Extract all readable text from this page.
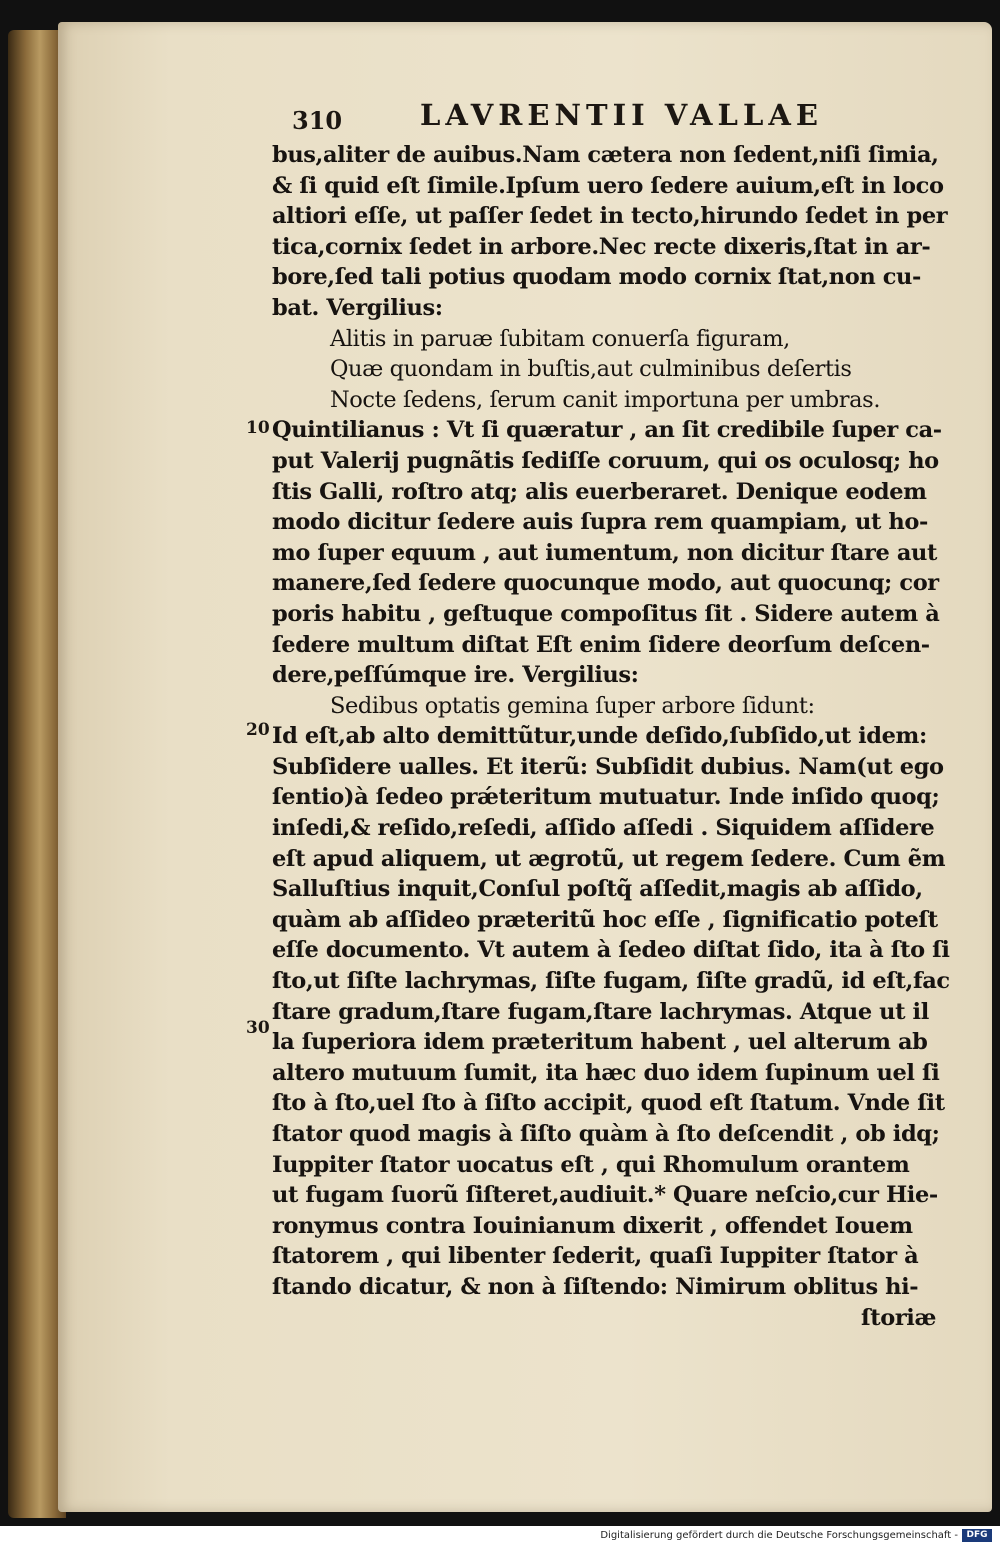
310	LAVRENTII VALLAE
bus,aliter de auibus.Nam cætera non ſedent,niſi ſimia,
& ſi quid eſt ſimile.Ipſum uero ſedere auium,eſt in loco
altiori eſſe, ut paſſer ſedet in tecto,hirundo ſedet in per
tica,cornix ſedet in arbore.Nec recte dixeris,ſtat in ar-
bore,ſed tali potius quodam modo cornix ſtat,non cu-
bat. Vergilius:
Alitis in paruæ ſubitam conuerſa figuram,
Quæ quondam in buſtis,aut culminibus deſertis
Nocte ſedens, ſerum canit importuna per umbras.
Quintilianus : Vt ſi quæratur , an ſit credibile ſuper ca-
put Valerij pugnãtis ſediſſe coruum, qui os oculosq; ho
ſtis Galli, roſtro atq; alis euerberaret. Denique eodem
modo dicitur ſedere auis ſupra rem quampiam, ut ho-
mo ſuper equum , aut iumentum, non dicitur ſtare aut
manere,ſed ſedere quocunque modo, aut quocunq; cor
poris habitu , geſtuque compoſitus ſit . Sidere autem à
ſedere multum diſtat Eſt enim ſidere deorſum deſcen-
dere,peſſúmque ire. Vergilius:
Sedibus optatis gemina ſuper arbore ſidunt:
Id eſt,ab alto demittũtur,unde deſido,ſubſido,ut idem:
Subſidere ualles. Et iterũ: Subſidit dubius. Nam(ut ego
ſentio)à ſedeo prǽteritum mutuatur. Inde inſido quoq;
inſedi,& reſido,reſedi, aſſido aſſedi . Siquidem aſſidere
eſt apud aliquem, ut ægrotũ, ut regem ſedere. Cum ẽm
Salluſtius inquit,Conſul poſtq̃ aſſedit,magis ab aſſido,
quàm ab aſſideo præteritũ hoc eſſe , ſignificatio poteſt
eſſe documento. Vt autem à ſedeo diſtat ſido, ita à ſto ſi
ſto,ut ſiſte lachrymas, ſiſte fugam, ſiſte gradũ, id eſt,fac
ſtare gradum,ſtare fugam,ſtare lachrymas. Atque ut il
la ſuperiora idem præteritum habent , uel alterum ab
altero mutuum ſumit, ita hæc duo idem ſupinum uel ſi
ſto à ſto,uel ſto à ſiſto accipit, quod eſt ſtatum. Vnde ſit
ſtator quod magis à ſiſto quàm à ſto deſcendit , ob idq;
Iuppiter ſtator uocatus eſt , qui Rhomulum orantem
ut fugam ſuorũ ſiſteret,audiuit.* Quare neſcio,cur Hie-
ronymus contra Iouinianum dixerit , offendet Iouem
ſtatorem , qui libenter ſederit, quaſi Iuppiter ſtator à
ſtando dicatur, & non à ſiſtendo: Nimirum oblitus hi-
ſtoriæ
10
20
30
Digitalisierung gefördert durch die Deutsche Forschungsgemeinschaft - DFG
